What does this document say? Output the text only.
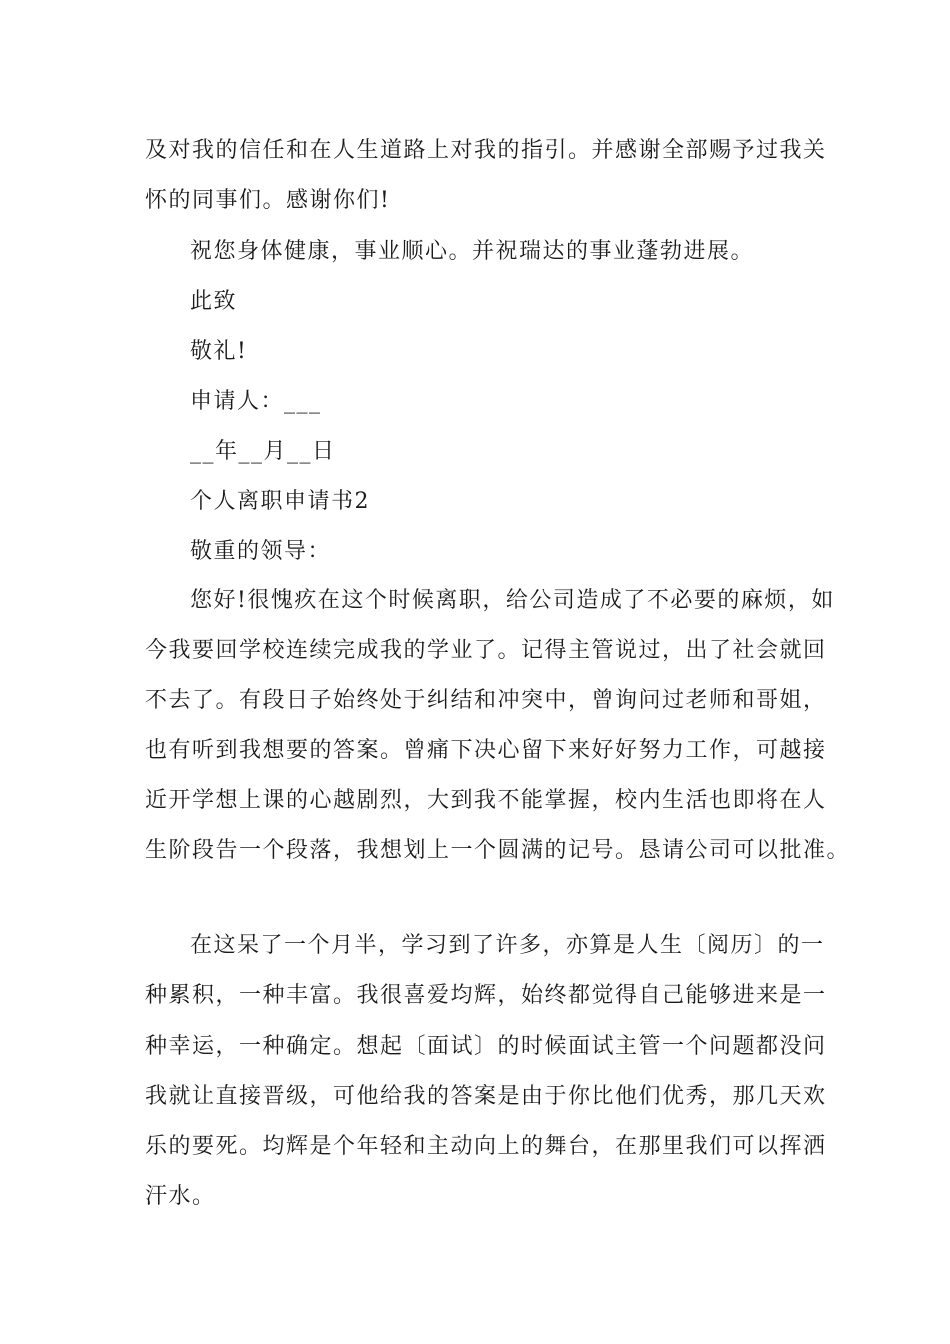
及对我的信任和在人生道路上对我的指引。并感谢全部赐予过我关
怀的同事们。感谢你们!
祝您身体健康，事业顺心。并祝瑞达的事业蓬勃进展。
此致
敬礼!
申请人：___
__年__月__日
个人离职申请书2
敬重的领导：
您好!很愧疚在这个时候离职，给公司造成了不必要的麻烦，如
今我要回学校连续完成我的学业了。记得主管说过，出了社会就回
不去了。有段日子始终处于纠结和冲突中，曾询问过老师和哥姐，
也有听到我想要的答案。曾痛下决心留下来好好努力工作，可越接
近开学想上课的心越剧烈，大到我不能掌握，校内生活也即将在人
生阶段告一个段落，我想划上一个圆满的记号。恳请公司可以批准。
在这呆了一个月半，学习到了许多，亦算是人生〔阅历〕的一
种累积，一种丰富。我很喜爱均辉，始终都觉得自己能够进来是一
种幸运，一种确定。想起〔面试〕的时候面试主管一个问题都没问
我就让直接晋级，可他给我的答案是由于你比他们优秀，那几天欢
乐的要死。均辉是个年轻和主动向上的舞台，在那里我们可以挥洒
汗水。
